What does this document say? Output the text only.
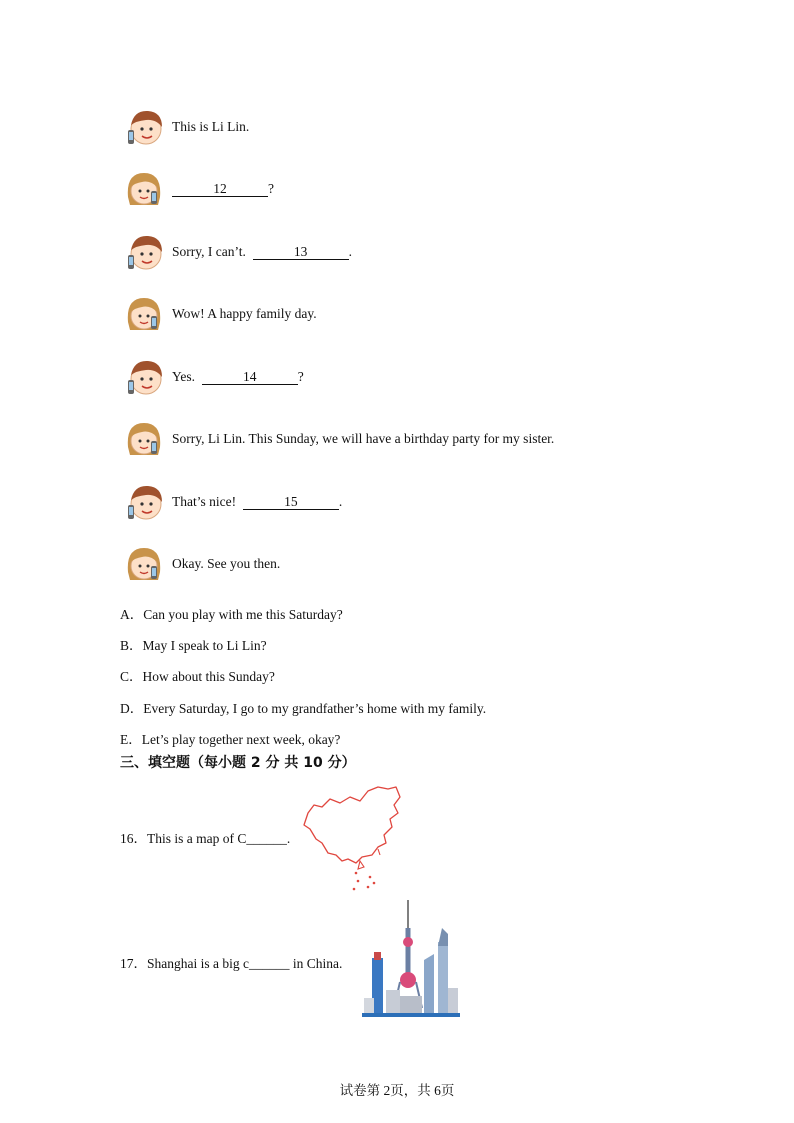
This is Li Lin.
12	?
Sorry, I can’t.	13	.
Wow! A happy family day.
Yes.	14	?
Sorry, Li Lin. This Sunday, we will have a birthday party for my sister.
That’s nice!	15	.
Okay. See you then.
A．Can you play with me this Saturday?
B．May I speak to Li Lin?
C．How about this Sunday?
D．Every Saturday, I go to my grandfather’s home with my family.
E．Let’s play together next week, okay?
三、填空题（每小题 2 分 共 10 分）
16．This is a map of C______.
17．Shanghai is a big c______ in China.
试卷第 2页，共 6页
